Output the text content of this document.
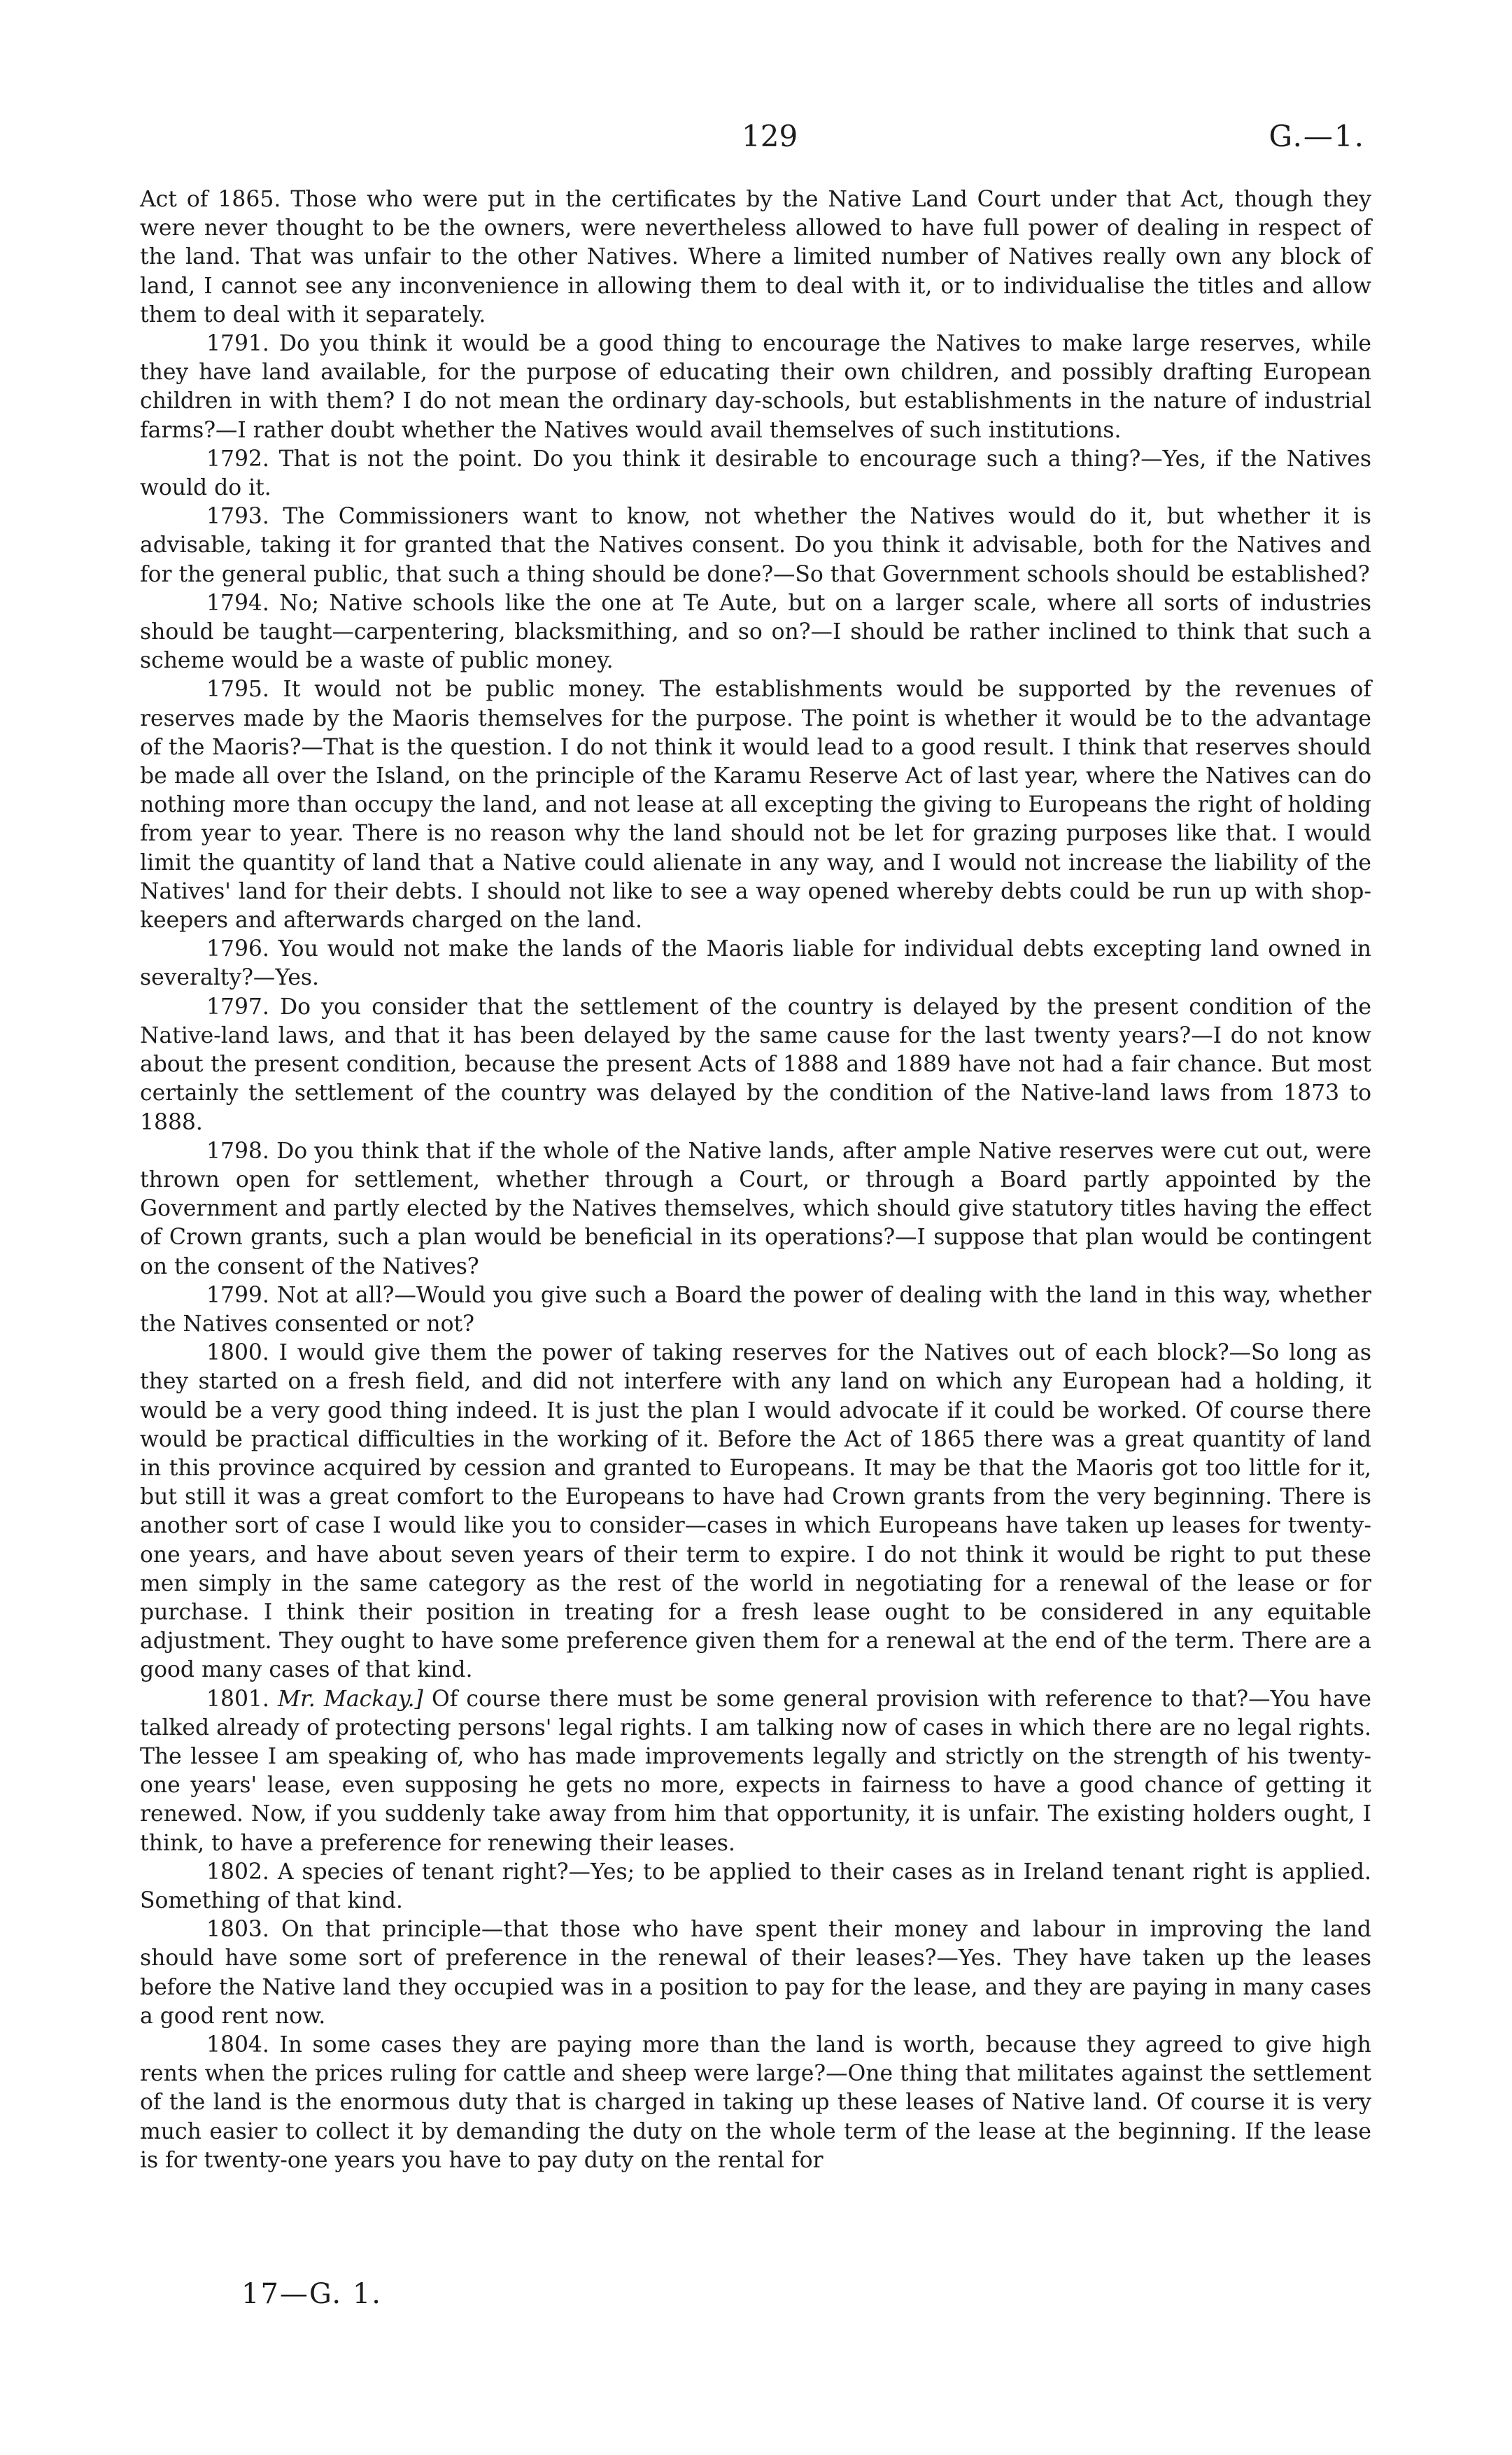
129	G.—1.

Act of 1865. Those who were put in the certificates by the Native Land Court under that Act, though they were never thought to be the owners, were nevertheless allowed to have full power of dealing in respect of the land. That was unfair to the other Natives. Where a limited number of Natives really own any block of land, I cannot see any inconvenience in allowing them to deal with it, or to individualise the titles and allow them to deal with it separately.

1791. Do you think it would be a good thing to encourage the Natives to make large reserves, while they have land available, for the purpose of educating their own children, and possibly drafting European children in with them? I do not mean the ordinary day-schools, but establishments in the nature of industrial farms?—I rather doubt whether the Natives would avail themselves of such institutions.

1792. That is not the point. Do you think it desirable to encourage such a thing?—Yes, if the Natives would do it.

1793. The Commissioners want to know, not whether the Natives would do it, but whether it is advisable, taking it for granted that the Natives consent. Do you think it advisable, both for the Natives and for the general public, that such a thing should be done?—So that Government schools should be established?

1794. No; Native schools like the one at Te Aute, but on a larger scale, where all sorts of industries should be taught—carpentering, blacksmithing, and so on?—I should be rather inclined to think that such a scheme would be a waste of public money.

1795. It would not be public money. The establishments would be supported by the revenues of reserves made by the Maoris themselves for the purpose. The point is whether it would be to the advantage of the Maoris?—That is the question. I do not think it would lead to a good result. I think that reserves should be made all over the Island, on the principle of the Karamu Reserve Act of last year, where the Natives can do nothing more than occupy the land, and not lease at all excepting the giving to Europeans the right of holding from year to year. There is no reason why the land should not be let for grazing purposes like that. I would limit the quantity of land that a Native could alienate in any way, and I would not increase the liability of the Natives' land for their debts. I should not like to see a way opened whereby debts could be run up with shop-keepers and afterwards charged on the land.

1796. You would not make the lands of the Maoris liable for individual debts excepting land owned in severalty?—Yes.

1797. Do you consider that the settlement of the country is delayed by the present condition of the Native-land laws, and that it has been delayed by the same cause for the last twenty years?—I do not know about the present condition, because the present Acts of 1888 and 1889 have not had a fair chance. But most certainly the settlement of the country was delayed by the condition of the Native-land laws from 1873 to 1888.

1798. Do you think that if the whole of the Native lands, after ample Native reserves were cut out, were thrown open for settlement, whether through a Court, or through a Board partly appointed by the Government and partly elected by the Natives themselves, which should give statutory titles having the effect of Crown grants, such a plan would be beneficial in its operations?—I suppose that plan would be contingent on the consent of the Natives?

1799. Not at all?—Would you give such a Board the power of dealing with the land in this way, whether the Natives consented or not?

1800. I would give them the power of taking reserves for the Natives out of each block?—So long as they started on a fresh field, and did not interfere with any land on which any European had a holding, it would be a very good thing indeed. It is just the plan I would advocate if it could be worked. Of course there would be practical difficulties in the working of it. Before the Act of 1865 there was a great quantity of land in this province acquired by cession and granted to Europeans. It may be that the Maoris got too little for it, but still it was a great comfort to the Europeans to have had Crown grants from the very beginning. There is another sort of case I would like you to consider—cases in which Europeans have taken up leases for twenty-one years, and have about seven years of their term to expire. I do not think it would be right to put these men simply in the same category as the rest of the world in negotiating for a renewal of the lease or for purchase. I think their position in treating for a fresh lease ought to be considered in any equitable adjustment. They ought to have some preference given them for a renewal at the end of the term. There are a good many cases of that kind.

1801. Mr. Mackay.] Of course there must be some general provision with reference to that?—You have talked already of protecting persons' legal rights. I am talking now of cases in which there are no legal rights. The lessee I am speaking of, who has made improvements legally and strictly on the strength of his twenty-one years' lease, even supposing he gets no more, expects in fairness to have a good chance of getting it renewed. Now, if you suddenly take away from him that opportunity, it is unfair. The existing holders ought, I think, to have a preference for renewing their leases.

1802. A species of tenant right?—Yes; to be applied to their cases as in Ireland tenant right is applied. Something of that kind.

1803. On that principle—that those who have spent their money and labour in improving the land should have some sort of preference in the renewal of their leases?—Yes. They have taken up the leases before the Native land they occupied was in a position to pay for the lease, and they are paying in many cases a good rent now.

1804. In some cases they are paying more than the land is worth, because they agreed to give high rents when the prices ruling for cattle and sheep were large?—One thing that militates against the settlement of the land is the enormous duty that is charged in taking up these leases of Native land. Of course it is very much easier to collect it by demanding the duty on the whole term of the lease at the beginning. If the lease is for twenty-one years you have to pay duty on the rental for

17—G. 1.
